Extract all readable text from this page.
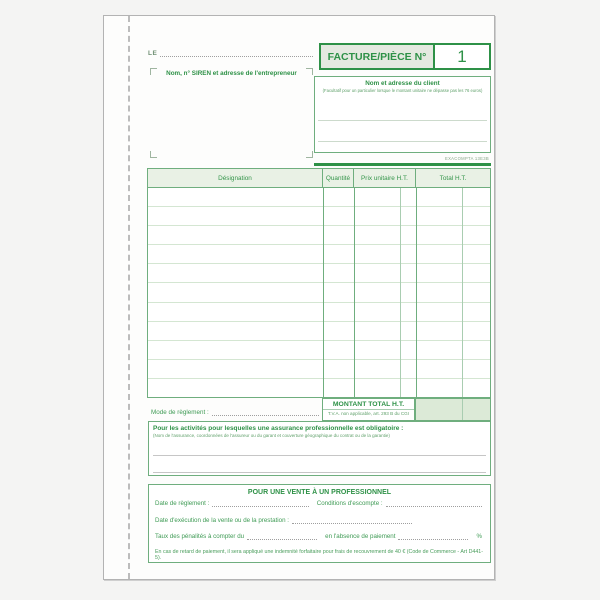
LE
Nom, n° SIREN et adresse de l'entrepreneur
FACTURE/PIÈCE N°	1
Nom et adresse du client
(Facultatif pour un particulier lorsque le montant unitaire ne dépasse pas les 76 euros)
EXACOMPTA 13E3B
Désignation	Quantité	Prix unitaire H.T.	Total H.T.
Mode de règlement :
MONTANT TOTAL H.T.
T.V.A. non applicable, art. 293 B du CGI
Pour les activités pour lesquelles une assurance professionnelle est obligatoire :
(Nom de l'assurance, coordonnées de l'assureur ou du garant et couverture géographique du contrat ou de la garantie)
POUR UNE VENTE À UN PROFESSIONNEL
Date de règlement :	Conditions d'escompte :
Date d'exécution de la vente ou de la prestation :
Taux des pénalités à compter du	en l'absence de paiement	%
En cas de retard de paiement, il sera appliqué une indemnité forfaitaire pour frais de recouvrement de 40 € (Code de Commerce - Art D441-5).
